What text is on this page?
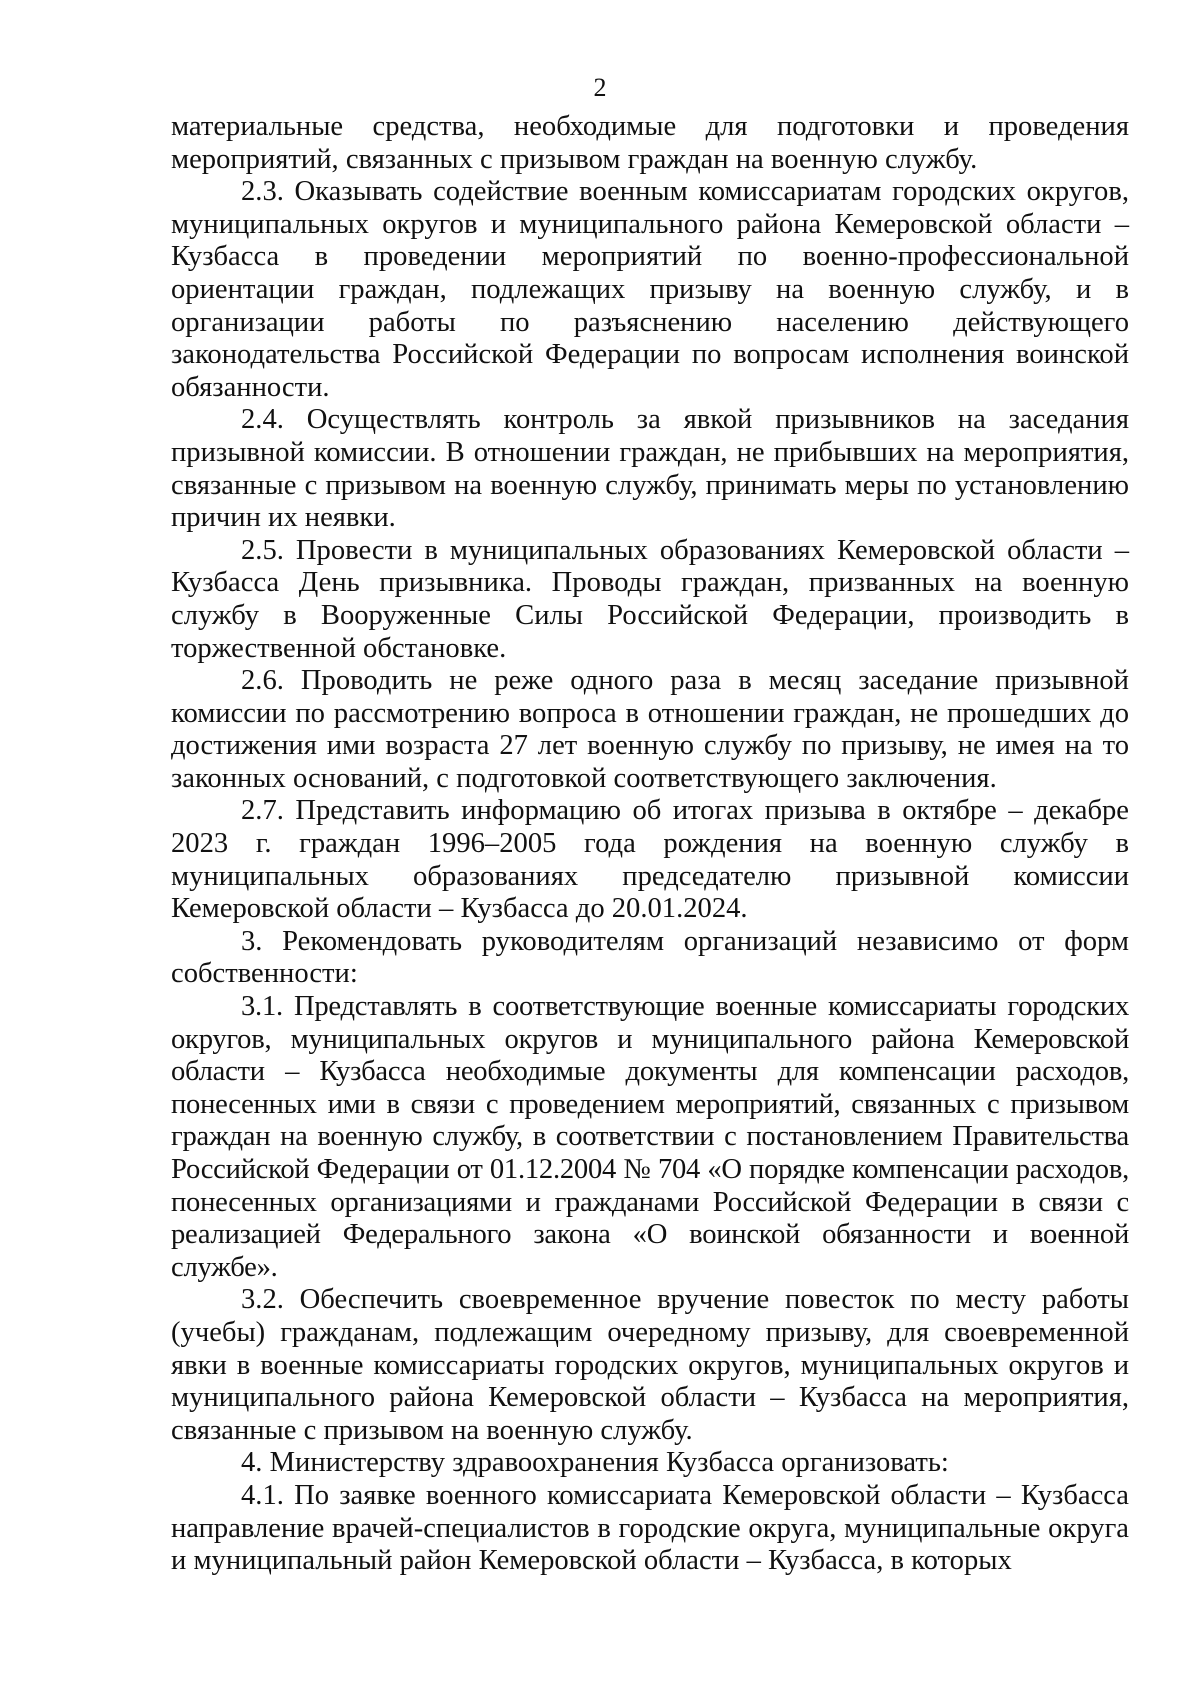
2

материальные средства, необходимые для подготовки и проведения мероприятий, связанных с призывом граждан на военную службу.

2.3. Оказывать содействие военным комиссариатам городских округов, муниципальных округов и муниципального района Кемеровской области – Кузбасса в проведении мероприятий по военно-профессиональной ориентации граждан, подлежащих призыву на военную службу, и в организации работы по разъяснению населению действующего законодательства Российской Федерации по вопросам исполнения воинской обязанности.

2.4. Осуществлять контроль за явкой призывников на заседания призывной комиссии. В отношении граждан, не прибывших на мероприятия, связанные с призывом на военную службу, принимать меры по установлению причин их неявки.

2.5. Провести в муниципальных образованиях Кемеровской области – Кузбасса День призывника. Проводы граждан, призванных на военную службу в Вооруженные Силы Российской Федерации, производить в торжественной обстановке.

2.6. Проводить не реже одного раза в месяц заседание призывной комиссии по рассмотрению вопроса в отношении граждан, не прошедших до достижения ими возраста 27 лет военную службу по призыву, не имея на то законных оснований, с подготовкой соответствующего заключения.

2.7. Представить информацию об итогах призыва в октябре – декабре 2023 г. граждан 1996–2005 года рождения на военную службу в муниципальных образованиях председателю призывной комиссии Кемеровской области – Кузбасса до 20.01.2024.

3. Рекомендовать руководителям организаций независимо от форм собственности:

3.1. Представлять в соответствующие военные комиссариаты городских округов, муниципальных округов и муниципального района Кемеровской области – Кузбасса необходимые документы для компенсации расходов, понесенных ими в связи с проведением мероприятий, связанных с призывом граждан на военную службу, в соответствии с постановлением Правительства Российской Федерации от 01.12.2004 № 704 «О порядке компенсации расходов, понесенных организациями и гражданами Российской Федерации в связи с реализацией Федерального закона «О воинской обязанности и военной службе».

3.2. Обеспечить своевременное вручение повесток по месту работы (учебы) гражданам, подлежащим очередному призыву, для своевременной явки в военные комиссариаты городских округов, муниципальных округов и муниципального района Кемеровской области – Кузбасса на мероприятия, связанные с призывом на военную службу.

4. Министерству здравоохранения Кузбасса организовать:

4.1. По заявке военного комиссариата Кемеровской области – Кузбасса направление врачей-специалистов в городские округа, муниципальные округа и муниципальный район Кемеровской области – Кузбасса, в которых
